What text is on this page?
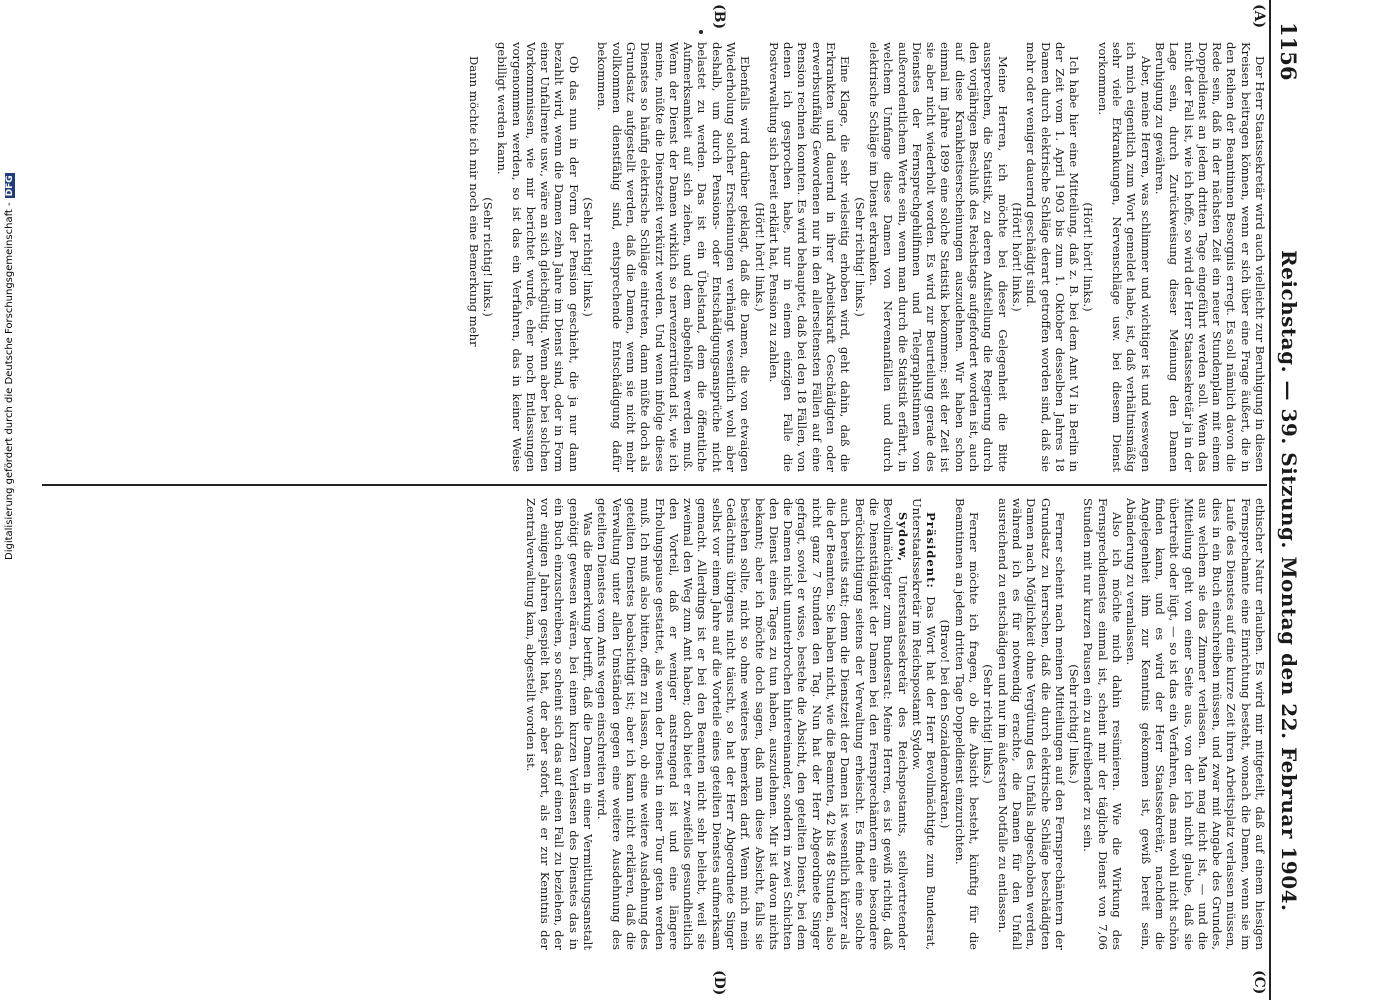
1156
Reichstag. — 39. Sitzung. Montag den 22. Februar 1904.
(A)
(B)
(C)
(D)

Der Herr Staatssekretär wird auch vielleicht zur Beruhigung in diesen Kreisen beitragen können, wenn er sich über eine Frage äußert, die in den Reihen der Beamtinnen Besorgnis erregt. Es soll nämlich davon die Rede sein, daß in der nächsten Zeit ein neuer Stundenplan mit einem Doppeldienst an jedem dritten Tage eingeführt werden soll. Wenn das nicht der Fall ist, wie ich hoffe, so wird der Herr Staatssekretär ja in der Lage sein, durch Zurückweisung dieser Meinung den Damen Beruhigung zu gewähren.

Aber, meine Herren, was schlimmer und wichtiger ist und weswegen ich mich eigentlich zum Wort gemeldet habe, ist, daß verhältnismäßig sehr viele Erkrankungen, Nervenschläge usw. bei diesem Dienst vorkommen.

(Hört! hört! links.)

Ich habe hier eine Mitteilung, daß z. B. bei dem Amt VI in Berlin in der Zeit vom 1. April 1903 bis zum 1. Oktober desselben Jahres 18 Damen durch elektrische Schläge derart getroffen worden sind, daß sie mehr oder weniger dauernd geschädigt sind.

(Hört! hört! links.)

Meine Herren, ich möchte bei dieser Gelegenheit die Bitte aussprechen, die Statistik, zu deren Aufstellung die Regierung durch den vorjährigen Beschluß des Reichstags aufgefordert worden ist, auch auf diese Krankheitserscheinungen auszudehnen. Wir haben schon einmal im Jahre 1899 eine solche Statistik bekommen; seit der Zeit ist sie aber nicht wiederholt worden. Es wird zur Beurteilung gerade des Dienstes der Fernsprechgehilfinnen und Telegraphistinnen von außerordentlichem Werte sein, wenn man durch die Statistik erfährt, in welchem Umfange diese Damen von Nervenanfällen und durch elektrische Schläge im Dienst erkranken.

(Sehr richtig! links.)

Eine Klage, die sehr vielseitig erhoben wird, geht dahin, daß die Erkrankten und dauernd in ihrer Arbeitskraft Geschädigten oder erwerbsunfähig Gewordenen nur in den allerseltensten Fällen auf eine Pension rechnen konnten. Es wird behauptet, daß bei den 18 Fällen, von denen ich gesprochen habe, nur in einem einzigen Falle die Postverwaltung sich bereit erklärt hat, Pension zu zahlen.

(Hört! hört! links.)

Ebenfalls wird darüber geklagt, daß die Damen, die von etwaigen Wiederholung solcher Erscheinungen verhängt wesentlich wohl aber deshalb, um durch Pensions- oder Entschädigungsansprüche nicht belastet zu werden. Das ist ein Übelstand, dem die öffentliche Aufmerksamkeit auf sich ziehen, und dem abgeholfen werden muß. Wenn der Dienst der Damen wirklich so nervenzerrüttend ist, wie ich meine, müßte die Dienstzeit verkürzt werden. Und wenn infolge dieses Dienstes so häufig elektrische Schläge eintreten, dann müßte doch als Grundsatz aufgestellt werden, daß die Damen, wenn sie nicht mehr vollkommen dienstfähig sind, entsprechende Entschädigung dafür bekommen.

(Sehr richtig! links.)

Ob das nun in der Form der Pension geschieht, die ja nur dann bezahlt wird, wenn die Damen zehn Jahre im Dienst sind, oder in Form einer Unfallrente usw., wäre an sich gleichgültig. Wenn aber bei solchen Vorkommnissen, wie mir berichtet wurde, eher noch Entlassungen vorgenommen werden, so ist das ein Verfahren, das in keiner Weise gebilligt werden kann.

(Sehr richtig! links.)

Dann möchte ich mir noch eine Bemerkung mehr

ethischer Natur erlauben. Es wird mir mitgeteilt, daß auf einem hiesigen Fernsprechamte eine Einrichtung besteht, wonach die Damen, wenn sie im Laufe des Dienstes auf eine kurze Zeit ihren Arbeitsplatz verlassen müssen, dies in ein Buch einschreiben müssen, und zwar mit Angabe des Grundes, aus welchem sie das Zimmer verlassen. Man mag nicht ist, — und die Mitteilung geht von einer Seite aus, von der ich nicht glaube, daß sie übertreibt oder lügt, — so ist das ein Verfahren, das man wohl nicht schön finden kann, und es wird der Herr Staatssekretär, nachdem die Angelegenheit ihm zur Kenntnis gekommen ist, gewiß bereit sein, Abänderung zu veranlassen.

Also ich möchte mich dahin resümieren. Wie die Wirkung des Fernsprechdienstes einmal ist, scheint mir der tägliche Dienst von 7,06 Stunden mit nur kurzen Pausen ein zu aufreibender zu sein.

(Sehr richtig! links.)

Ferner scheint nach meinen Mitteilungen auf den Fernsprechämtern der Grundsatz zu herrschen, daß die durch elektrische Schläge beschädigten Damen nach Möglichkeit ohne Vergütung des Unfalls abgeschoben werden, während ich es für notwendig erachte, die Damen für den Unfall ausreichend zu entschädigen und nur im äußersten Notfalle zu entlassen.

(Sehr richtig! links.)

Ferner möchte ich fragen, ob die Absicht besteht, künftig für die Beamtinnen an jedem dritten Tage Doppeldienst einzurichten.

(Bravo! bei den Sozialdemokraten.)

Präsident: Das Wort hat der Herr Bevollmächtigte zum Bundesrat, Unterstaatssekretär im Reichspostamt Sydow.

Sydow, Unterstaatssekretär des Reichspostamts, stellvertretender Bevollmächtigter zum Bundesrat: Meine Herren, es ist gewiß richtig, daß die Diensttätigkeit der Damen bei den Fernsprechämtern eine besondere Berücksichtigung seitens der Verwaltung erheischt. Es findet eine solche auch bereits statt; denn die Dienstzeit der Damen ist wesentlich kürzer als die der Beamten. Sie haben nicht, wie die Beamten, 42 bis 48 Stunden, also nicht ganz 7 Stunden den Tag. Nun hat der Herr Abgeordnete Singer gefragt, soviel er wisse, bestehe die Absicht, den geteilten Dienst, bei dem die Damen nicht ununterbrochen hintereinander, sondern in zwei Schichten den Dienst eines Tages zu tun haben, auszudehnen. Mir ist davon nichts bekannt; aber ich möchte doch sagen, daß man diese Absicht, falls sie bestehen sollte, nicht so ohne weiteres bemerken darf. Wenn mich mein Gedächtnis übrigens nicht täuscht, so hat der Herr Abgeordnete Singer selbst vor einem Jahre auf die Vorteile eines geteilten Dienstes aufmerksam gemacht. Allerdings ist er bei den Beamten nicht sehr beliebt, weil sie zweimal den Weg zum Amt haben; doch bietet er zweifellos gesundheitlich den Vorteil, daß er weniger anstrengend ist und eine längere Erholungspause gestattet, als wenn der Dienst in einer Tour getan werden muß. Ich muß also bitten, offen zu lassen, ob eine weitere Ausdehnung des geteilten Dienstes beabsichtigt ist; aber ich kann nicht erklären, daß die Verwaltung unter allen Umständen gegen eine weitere Ausdehnung des geteilten Dienstes vom Amts wegen einschreiten wird.

Was die Bemerkung betrifft, daß die Damen in einer Vermittlungsanstalt genötigt gewesen wären, bei einem kurzen Verlassen des Dienstes das in ein Buch einzuschreiben, so scheint sich das auf einen Fall zu beziehen, der vor einigen Jahren gespielt hat, der aber sofort, als er zur Kenntnis der Zentralverwaltung kam, abgestellt worden ist.

Digitalisierung gefördert durch die Deutsche Forschungsgemeinschaft -DFG
